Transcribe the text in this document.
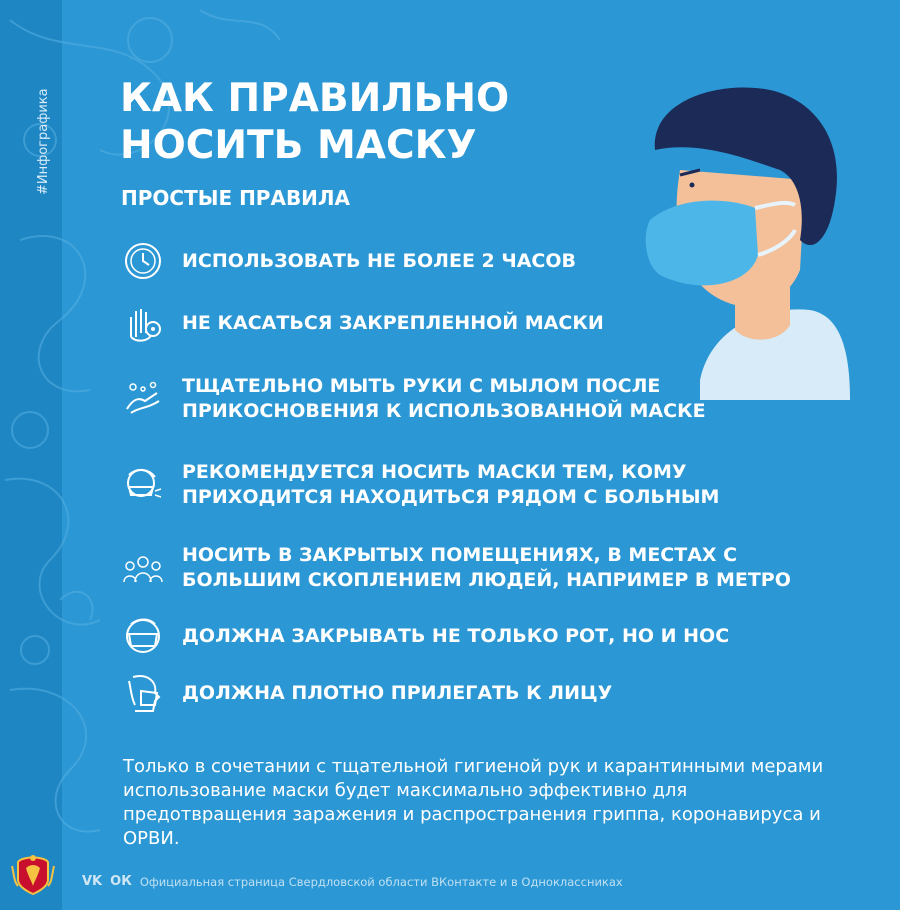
#Инфографика КАК ПРАВИЛЬНО
НОСИТЬ МАСКУ
ПРОСТЫЕ ПРАВИЛА
ИСПОЛЬЗОВАТЬ НЕ БОЛЕЕ 2 ЧАСОВ
НЕ КАСАТЬСЯ ЗАКРЕПЛЕННОЙ МАСКИ
ТЩАТЕЛЬНО МЫТЬ РУКИ С МЫЛОМ ПОСЛЕ
ПРИКОСНОВЕНИЯ К ИСПОЛЬЗОВАННОЙ МАСКЕ
РЕКОМЕНДУЕТСЯ НОСИТЬ МАСКИ ТЕМ, КОМУ
ПРИХОДИТСЯ НАХОДИТЬСЯ РЯДОМ С БОЛЬНЫМ
НОСИТЬ В ЗАКРЫТЫХ ПОМЕЩЕНИЯХ, В МЕСТАХ С
БОЛЬШИМ СКОПЛЕНИЕМ ЛЮДЕЙ, НАПРИМЕР В МЕТРО
ДОЛЖНА ЗАКРЫВАТЬ НЕ ТОЛЬКО РОТ, НО И НОС
ДОЛЖНА ПЛОТНО ПРИЛЕГАТЬ К ЛИЦУ
Только в сочетании с тщательной гигиеной рук и карантинными мерами использование маски будет максимально эффективно для предотвращения заражения и распространения гриппа, коронавируса и ОРВИ.
VK ОК Официальная страница Свердловской области ВКонтакте и в Одноклассниках
